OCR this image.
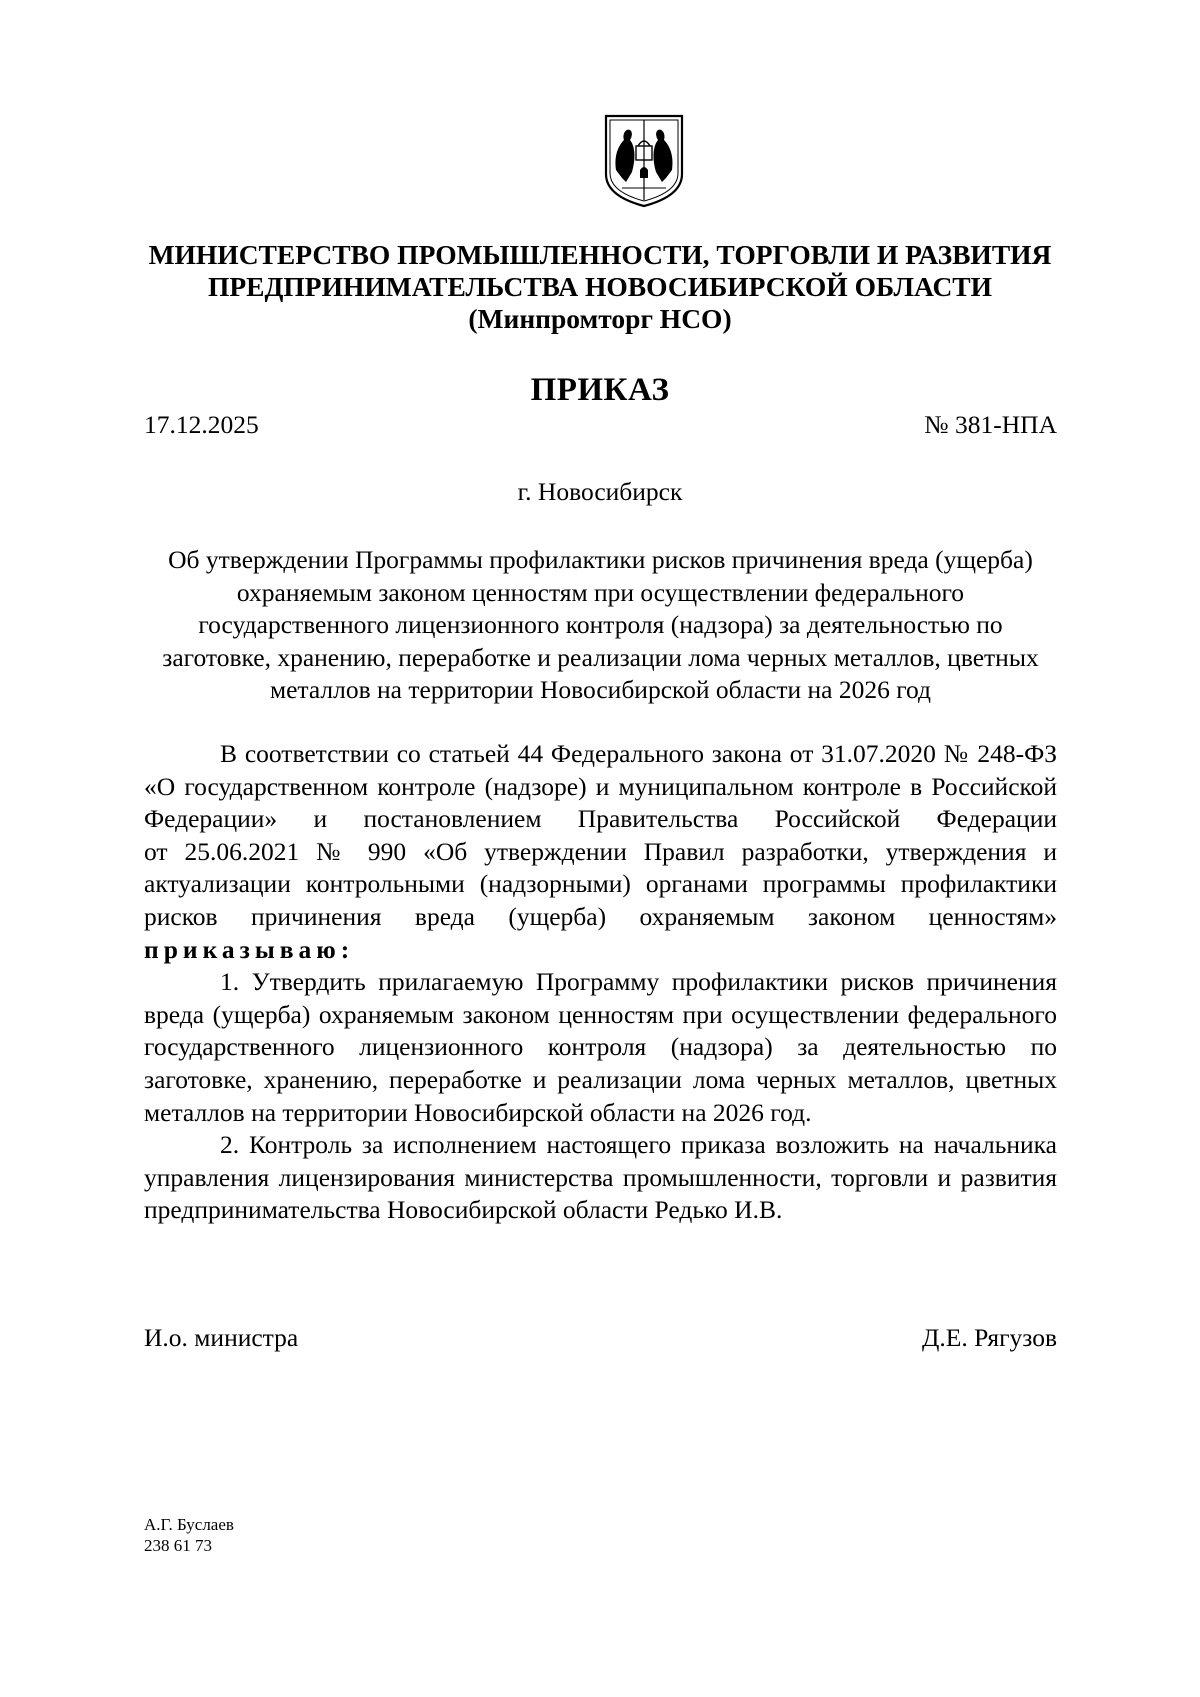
МИНИСТЕРСТВО ПРОМЫШЛЕННОСТИ, ТОРГОВЛИ И РАЗВИТИЯ
ПРЕДПРИНИМАТЕЛЬСТВА НОВОСИБИРСКОЙ ОБЛАСТИ
(Минпромторг НСО)
ПРИКАЗ
17.12.2025	№ 381-НПА
г. Новосибирск
Об утверждении Программы профилактики рисков причинения вреда (ущерба)
охраняемым законом ценностям при осуществлении федерального
государственного лицензионного контроля (надзора) за деятельностью по
заготовке, хранению, переработке и реализации лома черных металлов, цветных
металлов на территории Новосибирской области на 2026 год
В соответствии со статьей 44 Федерального закона от 31.07.2020 № 248-ФЗ
«О государственном контроле (надзоре) и муниципальном контроле в Российской
Федерации» и постановлением Правительства Российской Федерации
от 25.06.2021 № 990 «Об утверждении Правил разработки, утверждения и
актуализации контрольными (надзорными) органами программы профилактики
рисков причинения вреда (ущерба) охраняемым законом ценностям»
приказываю:
1. Утвердить прилагаемую Программу профилактики рисков причинения
вреда (ущерба) охраняемым законом ценностям при осуществлении федерального
государственного лицензионного контроля (надзора) за деятельностью по
заготовке, хранению, переработке и реализации лома черных металлов, цветных
металлов на территории Новосибирской области на 2026 год.
2. Контроль за исполнением настоящего приказа возложить на начальника
управления лицензирования министерства промышленности, торговли и развития
предпринимательства Новосибирской области Редько И.В.
И.о. министра	Д.Е. Рягузов
А.Г. Буслаев
238 61 73
